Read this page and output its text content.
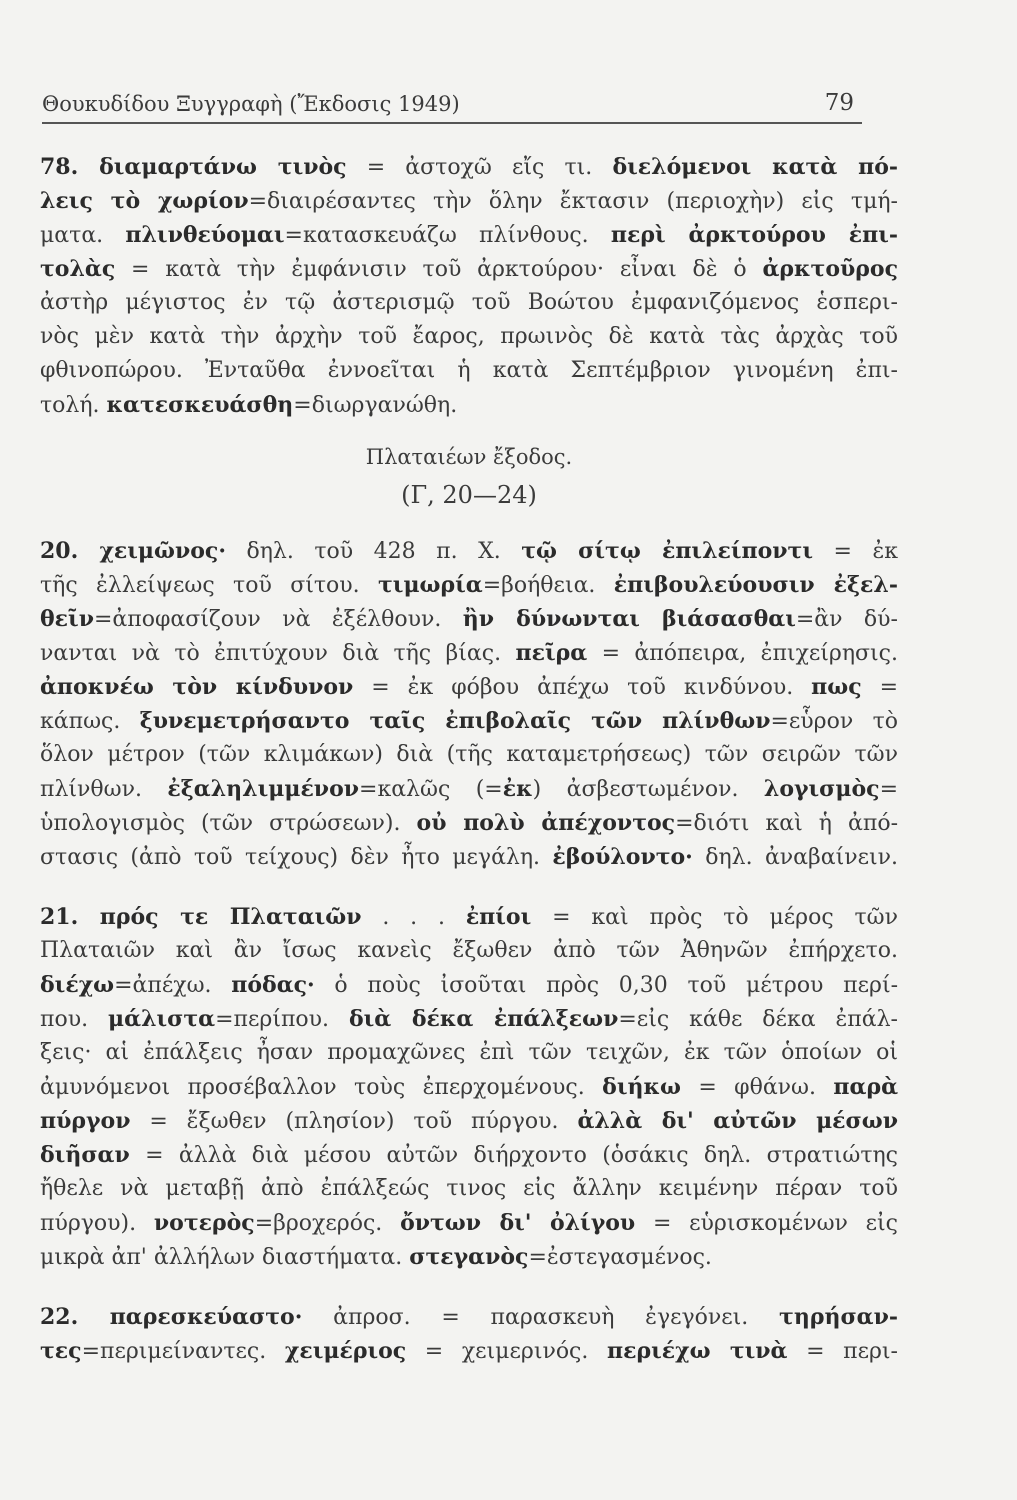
Θουκυδίδου Ξυγγραφὴ (Ἔκδοσις 1949)	79
78. διαμαρτάνω τινὸς = ἀστοχῶ εἴς τι. διελόμενοι κατὰ πό-
λεις τὸ χωρίον=διαιρέσαντες τὴν ὅλην ἔκτασιν (περιοχὴν) εἰς τμή-
ματα. πλινθεύομαι=κατασκευάζω πλίνθους. περὶ ἀρκτούρου ἐπι-
τολὰς = κατὰ τὴν ἐμφάνισιν τοῦ ἀρκτούρου· εἶναι δὲ ὁ ἀρκτοῦρος
ἀστὴρ μέγιστος ἐν τῷ ἀστερισμῷ τοῦ Βοώτου ἐμφανιζόμενος ἑσπερι-
νὸς μὲν κατὰ τὴν ἀρχὴν τοῦ ἔαρος, πρωινὸς δὲ κατὰ τὰς ἀρχὰς τοῦ
φθινοπώρου. Ἐνταῦθα ἐννοεῖται ἡ κατὰ Σεπτέμβριον γινομένη ἐπι-
τολή. κατεσκευάσθη=διωργανώθη.
Πλαταιέων ἔξοδος.
(Γ, 20—24)
20. χειμῶνος· δηλ. τοῦ 428 π. Χ. τῷ σίτῳ ἐπιλείποντι = ἐκ
τῆς ἐλλείψεως τοῦ σίτου. τιμωρία=βοήθεια. ἐπιβουλεύουσιν ἐξελ-
θεῖν=ἀποφασίζουν νὰ ἐξέλθουν. ἢν δύνωνται βιάσασθαι=ἂν δύ-
νανται νὰ τὸ ἐπιτύχουν διὰ τῆς βίας. πεῖρα = ἀπόπειρα, ἐπιχείρησις.
ἀποκνέω τὸν κίνδυνον = ἐκ φόβου ἀπέχω τοῦ κινδύνου. πως =
κάπως. ξυνεμετρήσαντο ταῖς ἐπιβολαῖς τῶν πλίνθων=εὗρον τὸ
ὅλον μέτρον (τῶν κλιμάκων) διὰ (τῆς καταμετρήσεως) τῶν σειρῶν τῶν
πλίνθων. ἐξαληλιμμένον=καλῶς (=ἐκ) ἀσβεστωμένον. λογισμὸς=
ὑπολογισμὸς (τῶν στρώσεων). οὐ πολὺ ἀπέχοντος=διότι καὶ ἡ ἀπό-
στασις (ἀπὸ τοῦ τείχους) δὲν ἦτο μεγάλη. ἐβούλοντο· δηλ. ἀναβαίνειν.
21. πρός τε Πλαταιῶν . . . ἐπίοι = καὶ πρὸς τὸ μέρος τῶν
Πλαταιῶν καὶ ἂν ἴσως κανεὶς ἔξωθεν ἀπὸ τῶν Ἀθηνῶν ἐπήρχετο.
διέχω=ἀπέχω. πόδας· ὁ ποὺς ἰσοῦται πρὸς 0,30 τοῦ μέτρου περί-
που. μάλιστα=περίπου. διὰ δέκα ἐπάλξεων=εἰς κάθε δέκα ἐπάλ-
ξεις· αἱ ἐπάλξεις ἦσαν προμαχῶνες ἐπὶ τῶν τειχῶν, ἐκ τῶν ὁποίων οἱ
ἀμυνόμενοι προσέβαλλον τοὺς ἐπερχομένους. διήκω = φθάνω. παρὰ
πύργον = ἔξωθεν (πλησίον) τοῦ πύργου. ἀλλὰ δι' αὐτῶν μέσων
διῆσαν = ἀλλὰ διὰ μέσου αὐτῶν διήρχοντο (ὁσάκις δηλ. στρατιώτης
ἤθελε νὰ μεταβῇ ἀπὸ ἐπάλξεώς τινος εἰς ἄλλην κειμένην πέραν τοῦ
πύργου). νοτερὸς=βροχερός. ὄντων δι' ὀλίγου = εὑρισκομένων εἰς
μικρὰ ἀπ' ἀλλήλων διαστήματα. στεγανὸς=ἐστεγασμένος.
22. παρεσκεύαστο· ἀπροσ. = παρασκευὴ ἐγεγόνει. τηρήσαν-
τες=περιμείναντες. χειμέριος = χειμερινός. περιέχω τινὰ = περι-
